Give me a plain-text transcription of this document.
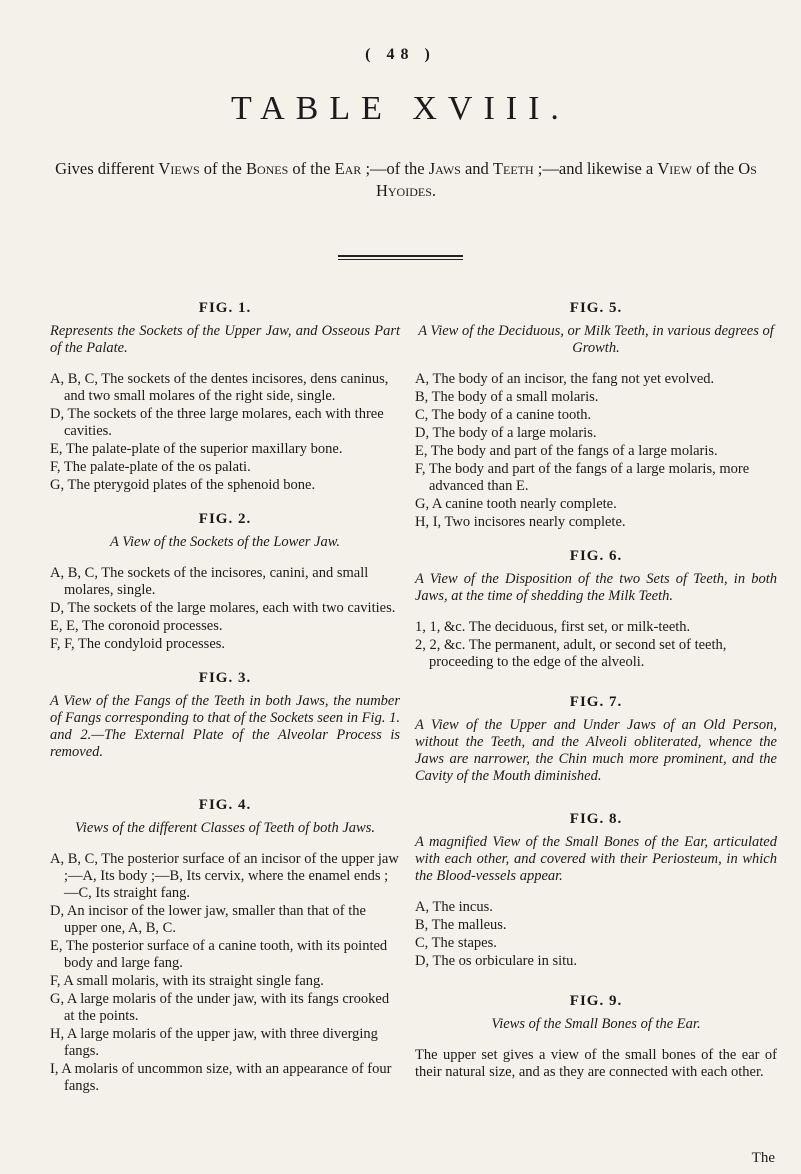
( 48 )
TABLE XVIII.
Gives different Views of the Bones of the Ear ;—of the Jaws and Teeth ;—and likewise a View of the Os Hyoides.
FIG. 1.
Represents the Sockets of the Upper Jaw, and Osseous Part of the Palate.
A, B, C, The sockets of the dentes incisores, dens caninus, and two small molares of the right side, single.
D, The sockets of the three large molares, each with three cavities.
E, The palate-plate of the superior maxillary bone.
F, The palate-plate of the os palati.
G, The pterygoid plates of the sphenoid bone.
FIG. 2.
A View of the Sockets of the Lower Jaw.
A, B, C, The sockets of the incisores, canini, and small molares, single.
D, The sockets of the large molares, each with two cavities.
E, E, The coronoid processes.
F, F, The condyloid processes.
FIG. 3.
A View of the Fangs of the Teeth in both Jaws, the number of Fangs corresponding to that of the Sockets seen in Fig. 1. and 2.—The External Plate of the Alveolar Process is removed.
FIG. 4.
Views of the different Classes of Teeth of both Jaws.
A, B, C, The posterior surface of an incisor of the upper jaw ;—A, Its body ;—B, Its cervix, where the enamel ends ;—C, Its straight fang.
D, An incisor of the lower jaw, smaller than that of the upper one, A, B, C.
E, The posterior surface of a canine tooth, with its pointed body and large fang.
F, A small molaris, with its straight single fang.
G, A large molaris of the under jaw, with its fangs crooked at the points.
H, A large molaris of the upper jaw, with three diverging fangs.
I, A molaris of uncommon size, with an appearance of four fangs.
FIG. 5.
A View of the Deciduous, or Milk Teeth, in various degrees of Growth.
A, The body of an incisor, the fang not yet evolved.
B, The body of a small molaris.
C, The body of a canine tooth.
D, The body of a large molaris.
E, The body and part of the fangs of a large molaris.
F, The body and part of the fangs of a large molaris, more advanced than E.
G, A canine tooth nearly complete.
H, I, Two incisores nearly complete.
FIG. 6.
A View of the Disposition of the two Sets of Teeth, in both Jaws, at the time of shedding the Milk Teeth.
1, 1, &c. The deciduous, first set, or milk-teeth.
2, 2, &c. The permanent, adult, or second set of teeth, proceeding to the edge of the alveoli.
FIG. 7.
A View of the Upper and Under Jaws of an Old Person, without the Teeth, and the Alveoli obliterated, whence the Jaws are narrower, the Chin much more prominent, and the Cavity of the Mouth diminished.
FIG. 8.
A magnified View of the Small Bones of the Ear, articulated with each other, and covered with their Periosteum, in which the Blood-vessels appear.
A, The incus.
B, The malleus.
C, The stapes.
D, The os orbiculare in situ.
FIG. 9.
Views of the Small Bones of the Ear.
The upper set gives a view of the small bones of the ear of their natural size, and as they are connected with each other.
The
